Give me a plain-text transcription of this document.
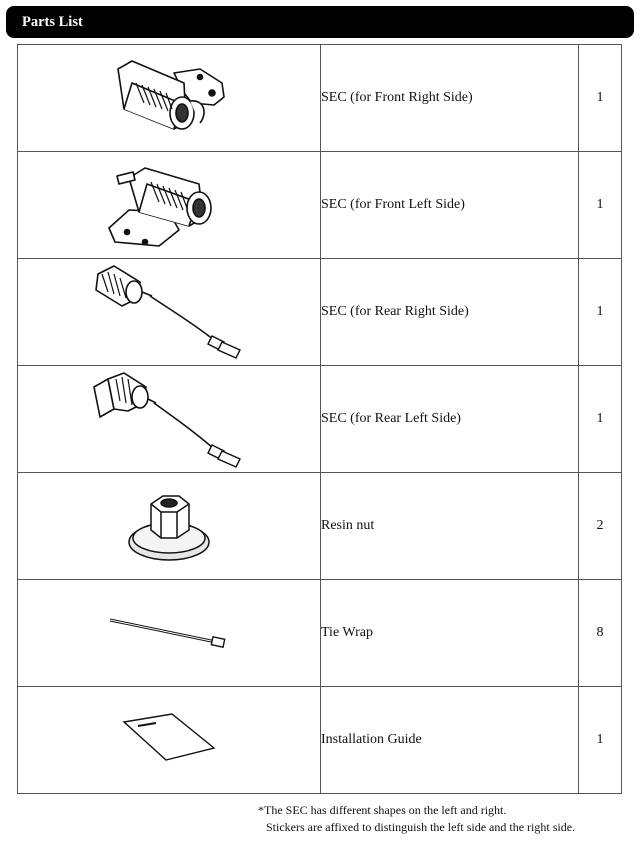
Parts List
	SEC (for Front Right Side)	1

	SEC (for Front Left Side)	1

	SEC (for Rear Right Side)	1

	SEC (for Rear Left Side)	1

	Resin nut	2

	Tie Wrap	8

	Installation Guide	1
*The SEC has different shapes on the left and right.
Stickers are affixed to distinguish the left side and the right side.
